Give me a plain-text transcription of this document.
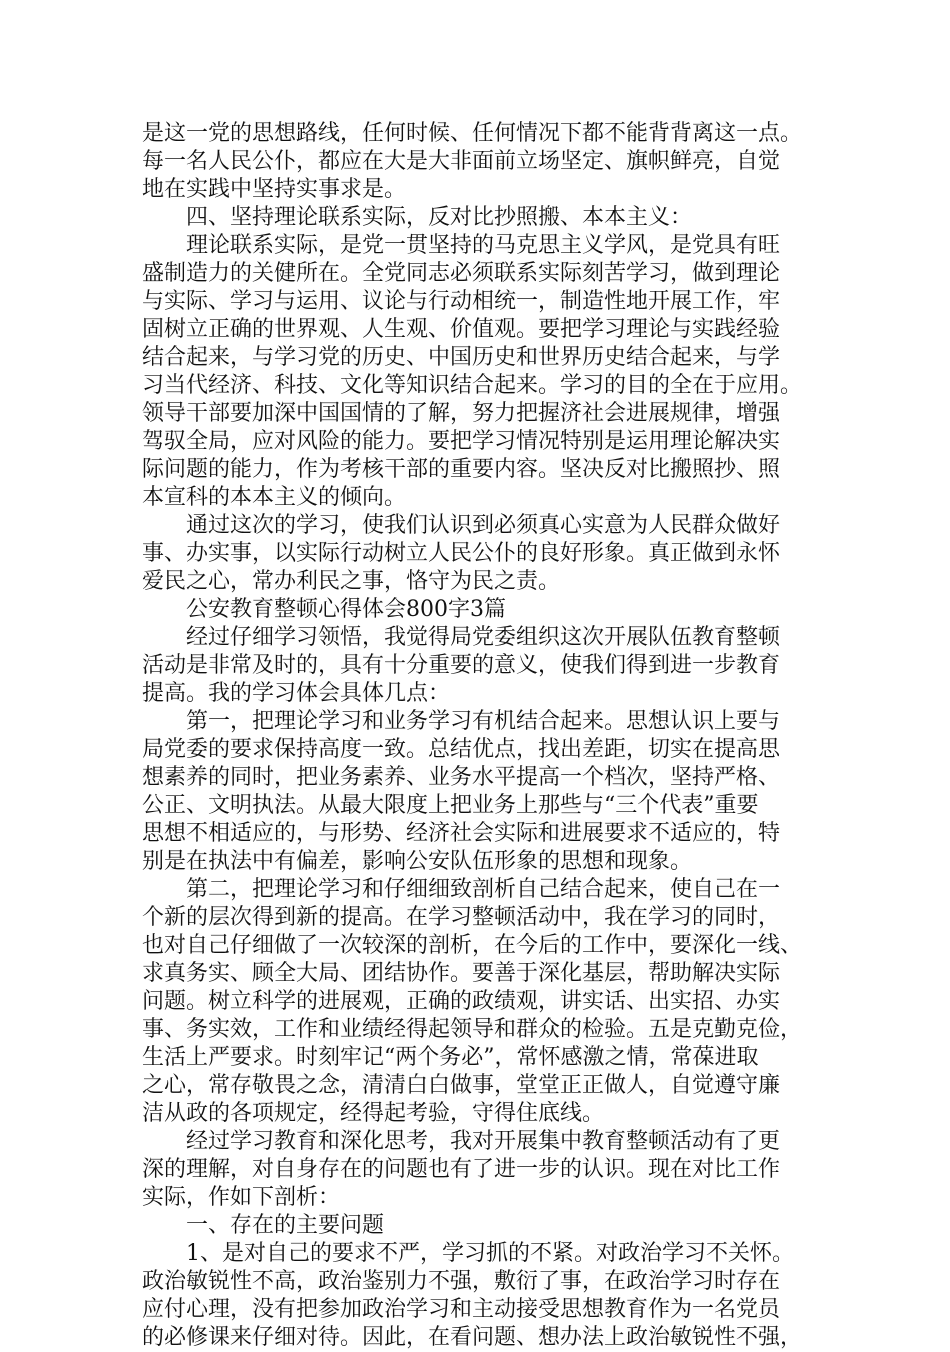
是这一党的思想路线，任何时候、任何情况下都不能背背离这一点。
每一名人民公仆，都应在大是大非面前立场坚定、旗帜鲜亮，自觉
地在实践中坚持实事求是。
四、坚持理论联系实际，反对比抄照搬、本本主义：
理论联系实际，是党一贯坚持的马克思主义学风，是党具有旺
盛制造力的关健所在。全党同志必须联系实际刻苦学习，做到理论
与实际、学习与运用、议论与行动相统一，制造性地开展工作，牢
固树立正确的世界观、人生观、价值观。要把学习理论与实践经验
结合起来，与学习党的历史、中国历史和世界历史结合起来，与学
习当代经济、科技、文化等知识结合起来。学习的目的全在于应用。
领导干部要加深中国国情的了解，努力把握济社会进展规律，增强
驾驭全局，应对风险的能力。要把学习情况特别是运用理论解决实
际问题的能力，作为考核干部的重要内容。坚决反对比搬照抄、照
本宣科的本本主义的倾向。
通过这次的学习，使我们认识到必须真心实意为人民群众做好
事、办实事，以实际行动树立人民公仆的良好形象。真正做到永怀
爱民之心，常办利民之事，恪守为民之责。
公安教育整顿心得体会800字3篇
经过仔细学习领悟，我觉得局党委组织这次开展队伍教育整顿
活动是非常及时的，具有十分重要的意义，使我们得到进一步教育
提高。我的学习体会具体几点：
第一，把理论学习和业务学习有机结合起来。思想认识上要与
局党委的要求保持高度一致。总结优点，找出差距，切实在提高思
想素养的同时，把业务素养、业务水平提高一个档次，坚持严格、
公正、文明执法。从最大限度上把业务上那些与“三个代表”重要
思想不相适应的，与形势、经济社会实际和进展要求不适应的，特
别是在执法中有偏差，影响公安队伍形象的思想和现象。
第二，把理论学习和仔细细致剖析自己结合起来，使自己在一
个新的层次得到新的提高。在学习整顿活动中，我在学习的同时，
也对自己仔细做了一次较深的剖析，在今后的工作中，要深化一线、
求真务实、顾全大局、团结协作。要善于深化基层，帮助解决实际
问题。树立科学的进展观，正确的政绩观，讲实话、出实招、办实
事、务实效，工作和业绩经得起领导和群众的检验。五是克勤克俭，
生活上严要求。时刻牢记“两个务必”，常怀感激之情，常葆进取
之心，常存敬畏之念，清清白白做事，堂堂正正做人，自觉遵守廉
洁从政的各项规定，经得起考验，守得住底线。
经过学习教育和深化思考，我对开展集中教育整顿活动有了更
深的理解，对自身存在的问题也有了进一步的认识。现在对比工作
实际，作如下剖析：
一、存在的主要问题
1、是对自己的要求不严，学习抓的不紧。对政治学习不关怀。
政治敏锐性不高，政治鉴别力不强，敷衍了事，在政治学习时存在
应付心理，没有把参加政治学习和主动接受思想教育作为一名党员
的必修课来仔细对待。因此，在看问题、想办法上政治敏锐性不强，
